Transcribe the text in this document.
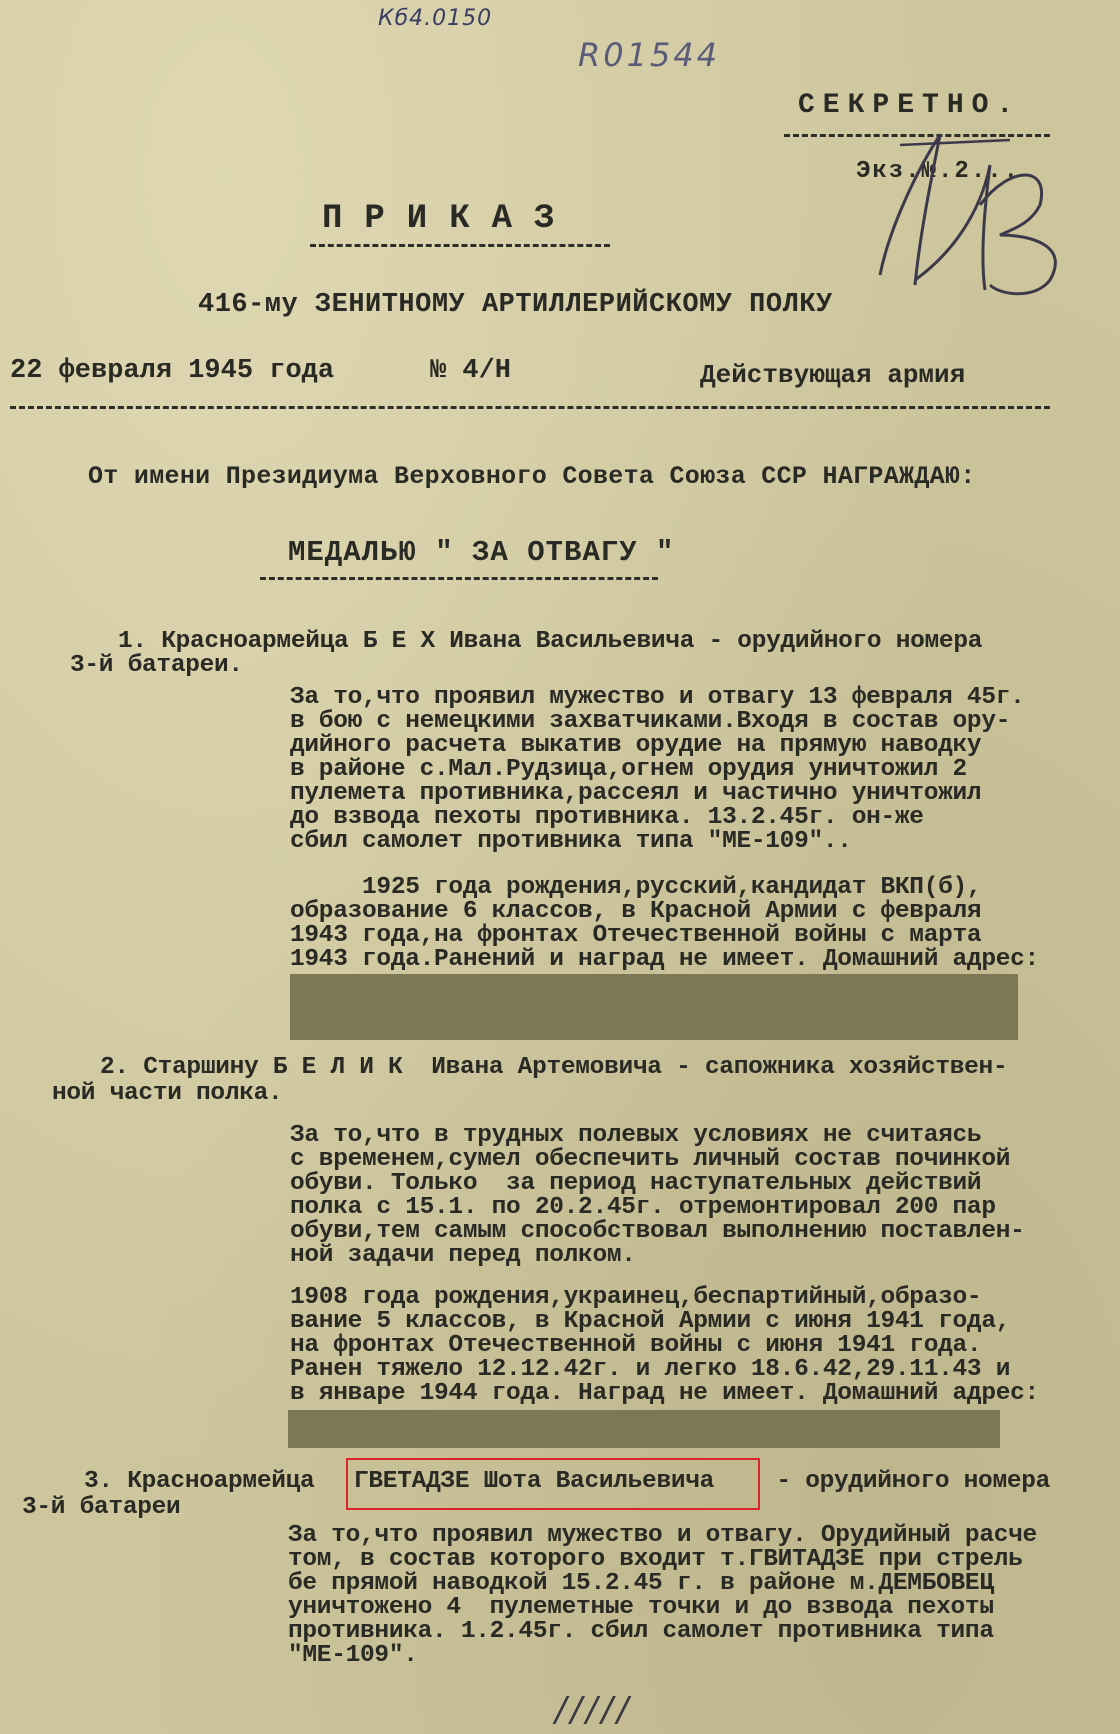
Кб4.0150
R01544
СЕКРЕТНО.
Экз.№.2...
ПРИКАЗ
416-му ЗЕНИТНОМУ АРТИЛЛЕРИЙСКОМУ ПОЛКУ
22 февраля 1945 года	№ 4/Н	Действующая армия
От имени Президиума Верховного Совета Союза ССР НАГРАЖДАЮ:
МЕДАЛЬЮ " ЗА ОТВАГУ "
1. Красноармейца Б Е Х Ивана Васильевича - орудийного номера
3-й батареи.
За то,что проявил мужество и отвагу 13 февраля 45г.
в бою с немецкими захватчиками.Входя в состав ору-
дийного расчета выкатив орудие на прямую наводку
в районе с.Мал.Рудзица,огнем орудия уничтожил 2
пулемета противника,рассеял и частично уничтожил
до взвода пехоты противника. 13.2.45г. он-же
сбил самолет противника типа "МЕ-109"..
1925 года рождения,русский,кандидат ВКП(б),
образование 6 классов, в Красной Армии с февраля
1943 года,на фронтах Отечественной войны с марта
1943 года.Ранений и наград не имеет. Домашний адрес:
2. Старшину Б Е Л И К  Ивана Артемовича - сапожника хозяйствен-
ной части полка.
За то,что в трудных полевых условиях не считаясь
с временем,сумел обеспечить личный состав починкой
обуви. Только  за период наступательных действий
полка с 15.1. по 20.2.45г. отремонтировал 200 пар
обуви,тем самым способствовал выполнению поставлен-
ной задачи перед полком.
1908 года рождения,украинец,беспартийный,образо-
вание 5 классов, в Красной Армии с июня 1941 года,
на фронтах Отечественной войны с июня 1941 года.
Ранен тяжело 12.12.42г. и легко 18.6.42,29.11.43 и
в январе 1944 года. Наград не имеет. Домашний адрес:
3. Красноармейца ГВЕТАДЗЕ Шота Васильевича - орудийного номера
3-й батареи
За то,что проявил мужество и отвагу. Орудийный расче
том, в состав которого входит т.ГВИТАДЗЕ при стрель
бе прямой наводкой 15.2.45 г. в районе м.ДЕМБОВЕЦ
уничтожено 4  пулеметные точки и до взвода пехоты
противника. 1.2.45г. сбил самолет противника типа
"МЕ-109".
/////
